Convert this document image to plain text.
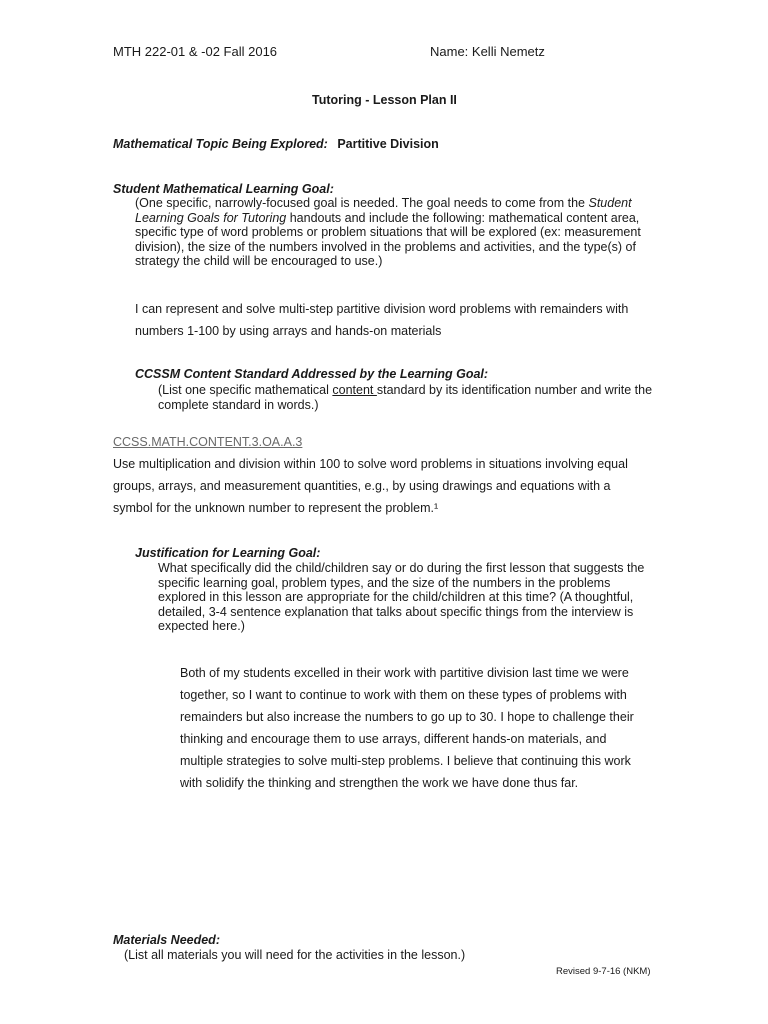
MTH 222-01 & -02 Fall 2016	Name: Kelli Nemetz
Tutoring - Lesson Plan II
Mathematical Topic Being Explored: Partitive Division
Student Mathematical Learning Goal:
(One specific, narrowly-focused goal is needed. The goal needs to come from the Student
Learning Goals for Tutoring handouts and include the following: mathematical content area,
specific type of word problems or problem situations that will be explored (ex: measurement
division), the size of the numbers involved in the problems and activities, and the type(s) of
strategy the child will be encouraged to use.)
I can represent and solve multi-step partitive division word problems with remainders with
numbers 1-100 by using arrays and hands-on materials
CCSSM Content Standard Addressed by the Learning Goal:
(List one specific mathematical content standard by its identification number and write the
complete standard in words.)
CCSS.MATH.CONTENT.3.OA.A.3
Use multiplication and division within 100 to solve word problems in situations involving equal
groups, arrays, and measurement quantities, e.g., by using drawings and equations with a
symbol for the unknown number to represent the problem.¹
Justification for Learning Goal:
What specifically did the child/children say or do during the first lesson that suggests the
specific learning goal, problem types, and the size of the numbers in the problems
explored in this lesson are appropriate for the child/children at this time? (A thoughtful,
detailed, 3-4 sentence explanation that talks about specific things from the interview is
expected here.)
Both of my students excelled in their work with partitive division last time we were
together, so I want to continue to work with them on these types of problems with
remainders but also increase the numbers to go up to 30. I hope to challenge their
thinking and encourage them to use arrays, different hands-on materials, and
multiple strategies to solve multi-step problems. I believe that continuing this work
with solidify the thinking and strengthen the work we have done thus far.
Materials Needed:
(List all materials you will need for the activities in the lesson.)
Revised 9-7-16 (NKM)
